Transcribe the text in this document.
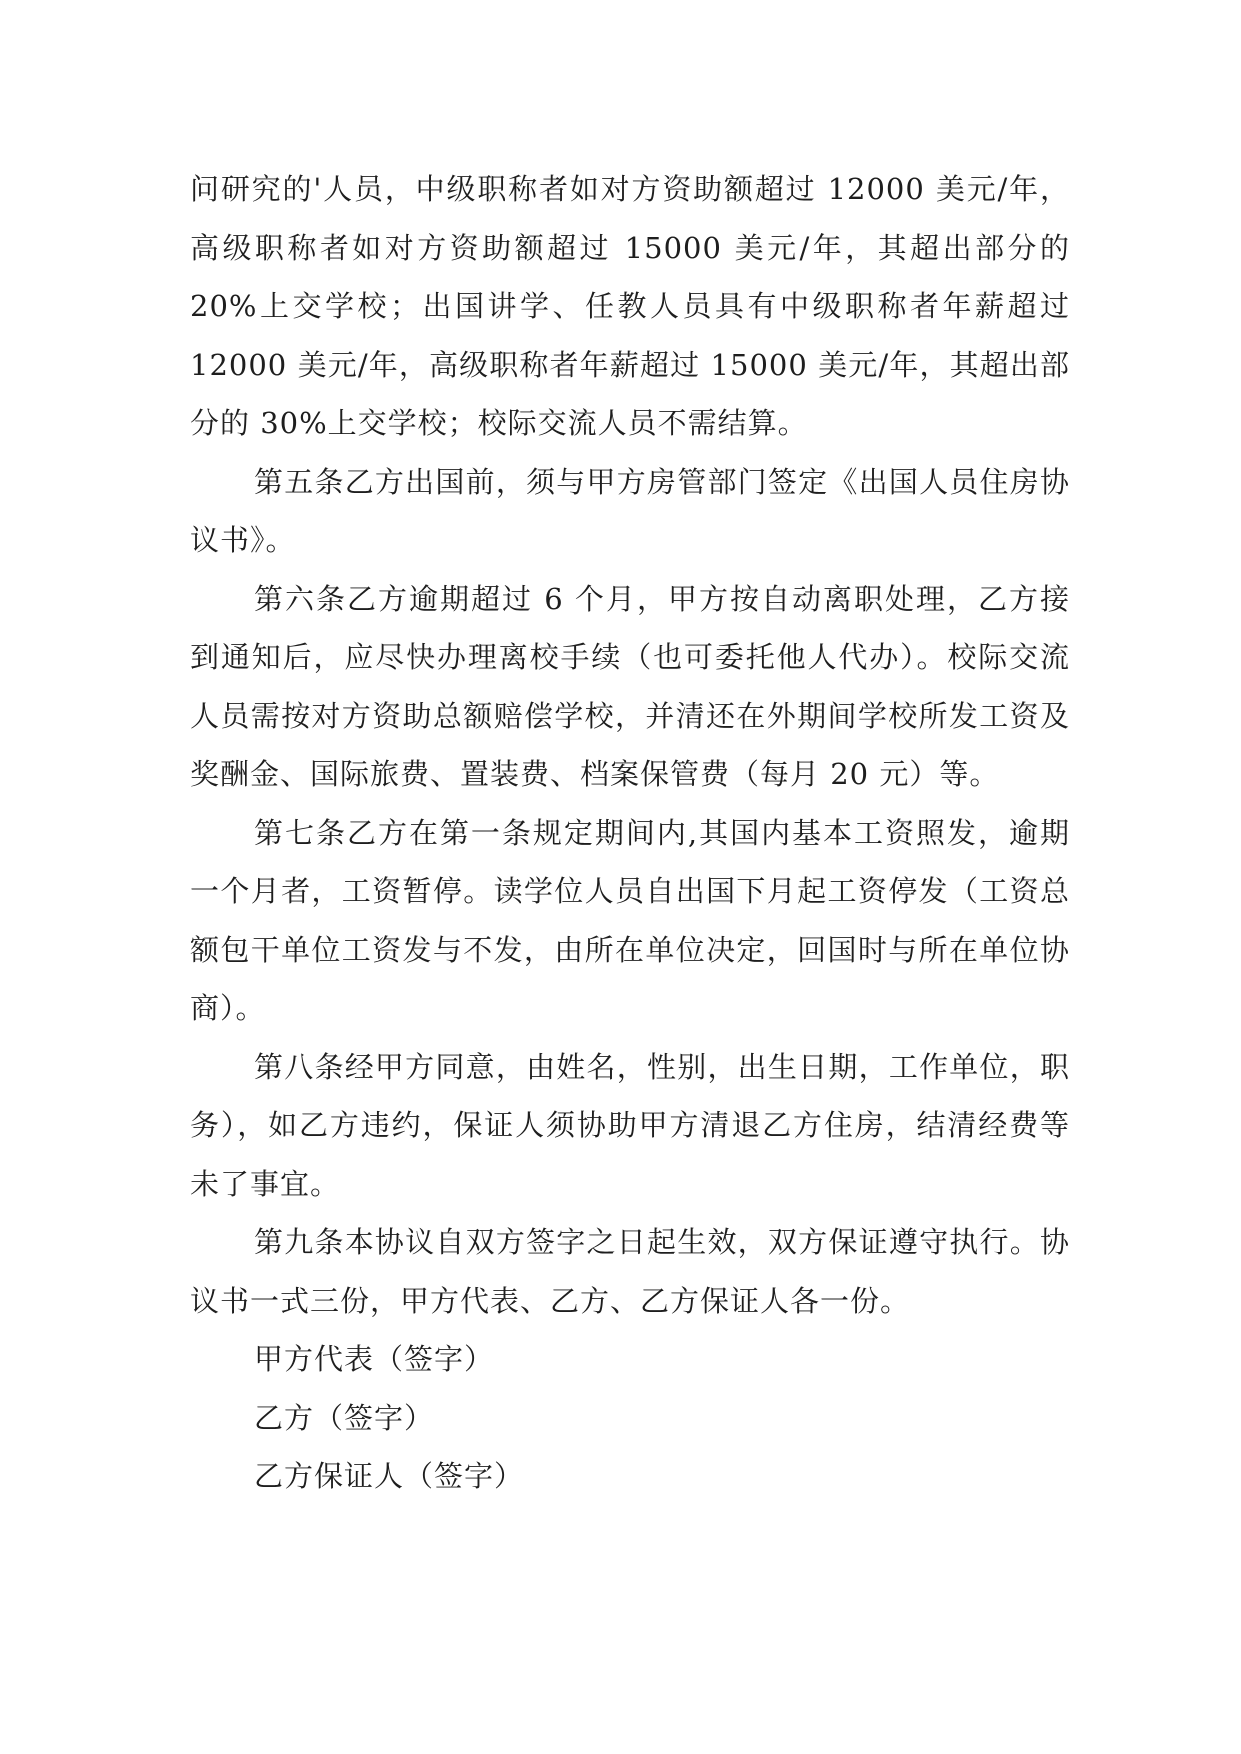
问研究的'人员，中级职称者如对方资助额超过 12000 美元/年，高级职称者如对方资助额超过 15000 美元/年，其超出部分的 20%上交学校；出国讲学、任教人员具有中级职称者年薪超过 12000 美元/年，高级职称者年薪超过 15000 美元/年，其超出部分的 30%上交学校；校际交流人员不需结算。

第五条乙方出国前，须与甲方房管部门签定《出国人员住房协议书》。

第六条乙方逾期超过 6 个月，甲方按自动离职处理，乙方接到通知后，应尽快办理离校手续（也可委托他人代办）。校际交流人员需按对方资助总额赔偿学校，并清还在外期间学校所发工资及奖酬金、国际旅费、置装费、档案保管费（每月 20 元）等。

第七条乙方在第一条规定期间内,其国内基本工资照发，逾期一个月者，工资暂停。读学位人员自出国下月起工资停发（工资总额包干单位工资发与不发，由所在单位决定，回国时与所在单位协商）。

第八条经甲方同意，由姓名，性别，出生日期，工作单位，职务），如乙方违约，保证人须协助甲方清退乙方住房，结清经费等未了事宜。

第九条本协议自双方签字之日起生效，双方保证遵守执行。协议书一式三份，甲方代表、乙方、乙方保证人各一份。

甲方代表（签字）

乙方（签字）

乙方保证人（签字）
